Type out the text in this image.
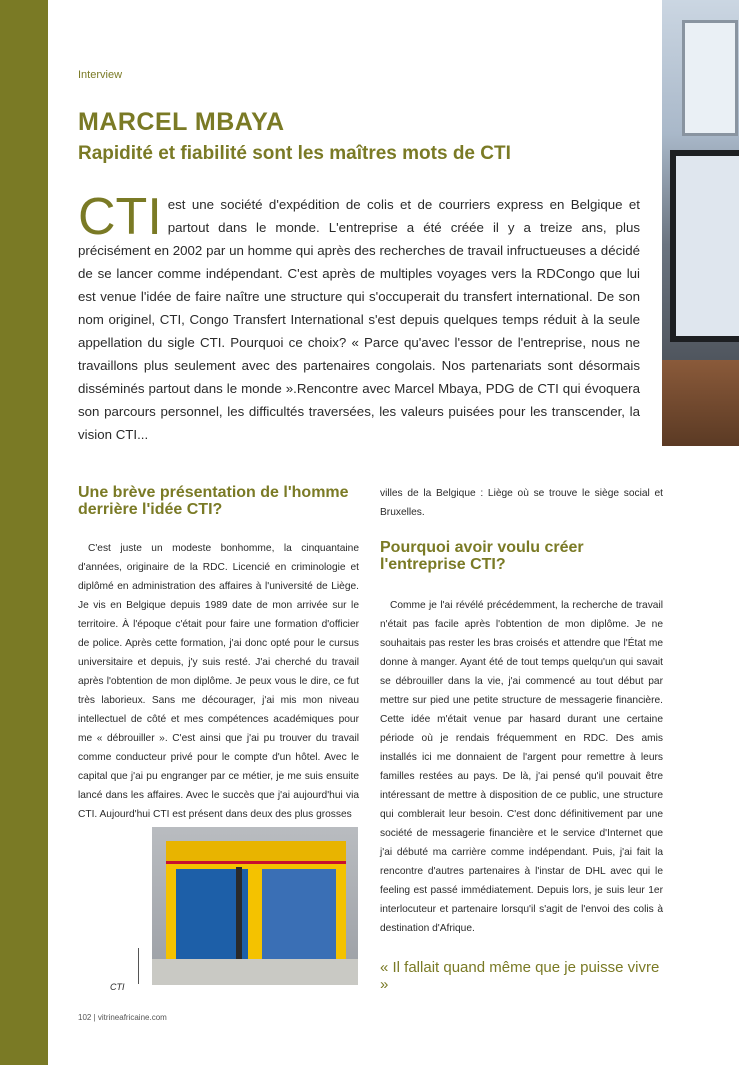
Interview
MARCEL MBAYA
Rapidité et fiabilité sont les maîtres mots de CTI

CTI est une société d'expédition de colis et de courriers express en Belgique et partout dans le monde. L'entreprise a été créée il y a treize ans, plus précisément en 2002 par un homme qui après des recherches de travail infructueuses a décidé de se lancer comme indépendant. C'est après de multiples voyages vers la RDCongo que lui est venue l'idée de faire naître une structure qui s'occuperait du transfert international. De son nom originel, CTI, Congo Transfert International s'est depuis quelques temps réduit à la seule appellation du sigle CTI. Pourquoi ce choix? « Parce qu'avec l'essor de l'entreprise, nous ne travaillons plus seulement avec des partenaires congolais. Nos partenariats sont désormais disséminés partout dans le monde ».Rencontre avec Marcel Mbaya, PDG de CTI qui évoquera son parcours personnel, les difficultés traversées, les valeurs puisées pour les transcender, la vision CTI...

Une brève présentation de l'homme derrière l'idée CTI?

C'est juste un modeste bonhomme, la cinquantaine d'années, originaire de la RDC. Licencié en criminologie et diplômé en administration des affaires à l'université de Liège. Je vis en Belgique depuis 1989 date de mon arrivée sur le territoire. À l'époque c'était pour faire une formation d'officier de police. Après cette formation, j'ai donc opté pour le cursus universitaire et depuis, j'y suis resté. J'ai cherché du travail après l'obtention de mon diplôme. Je peux vous le dire, ce fut très laborieux. Sans me décourager, j'ai mis mon niveau intellectuel de côté et mes compétences académiques pour me « débrouiller ». C'est ainsi que j'ai pu trouver du travail comme conducteur privé pour le compte d'un hôtel. Avec le capital que j'ai pu engranger par ce métier, je me suis ensuite lancé dans les affaires. Avec le succès que j'ai aujourd'hui via CTI. Aujourd'hui CTI est présent dans deux des plus grosses

CTI

villes de la Belgique : Liège où se trouve le siège social et Bruxelles.

Pourquoi avoir voulu créer l'entreprise CTI?

Comme je l'ai révélé précédemment, la recherche de travail n'était pas facile après l'obtention de mon diplôme. Je ne souhaitais pas rester les bras croisés et attendre que l'État me donne à manger. Ayant été de tout temps quelqu'un qui savait se débrouiller dans la vie, j'ai commencé au tout début par mettre sur pied une petite structure de messagerie financière. Cette idée m'était venue par hasard durant une certaine période où je rendais fréquemment en RDC. Des amis installés ici me donnaient de l'argent pour remettre à leurs familles restées au pays. De là, j'ai pensé qu'il pouvait être intéressant de mettre à disposition de ce public, une structure qui comblerait leur besoin. C'est donc définitivement par une société de messagerie financière et le service d'Internet que j'ai débuté ma carrière comme indépendant. Puis, j'ai fait la rencontre d'autres partenaires à l'instar de DHL avec qui le feeling est passé immédiatement. Depuis lors, je suis leur 1er interlocuteur et partenaire lorsqu'il s'agit de l'envoi des colis à destination d'Afrique.

« Il fallait quand même que je puisse vivre »

102 | vitrineafricaine.com
